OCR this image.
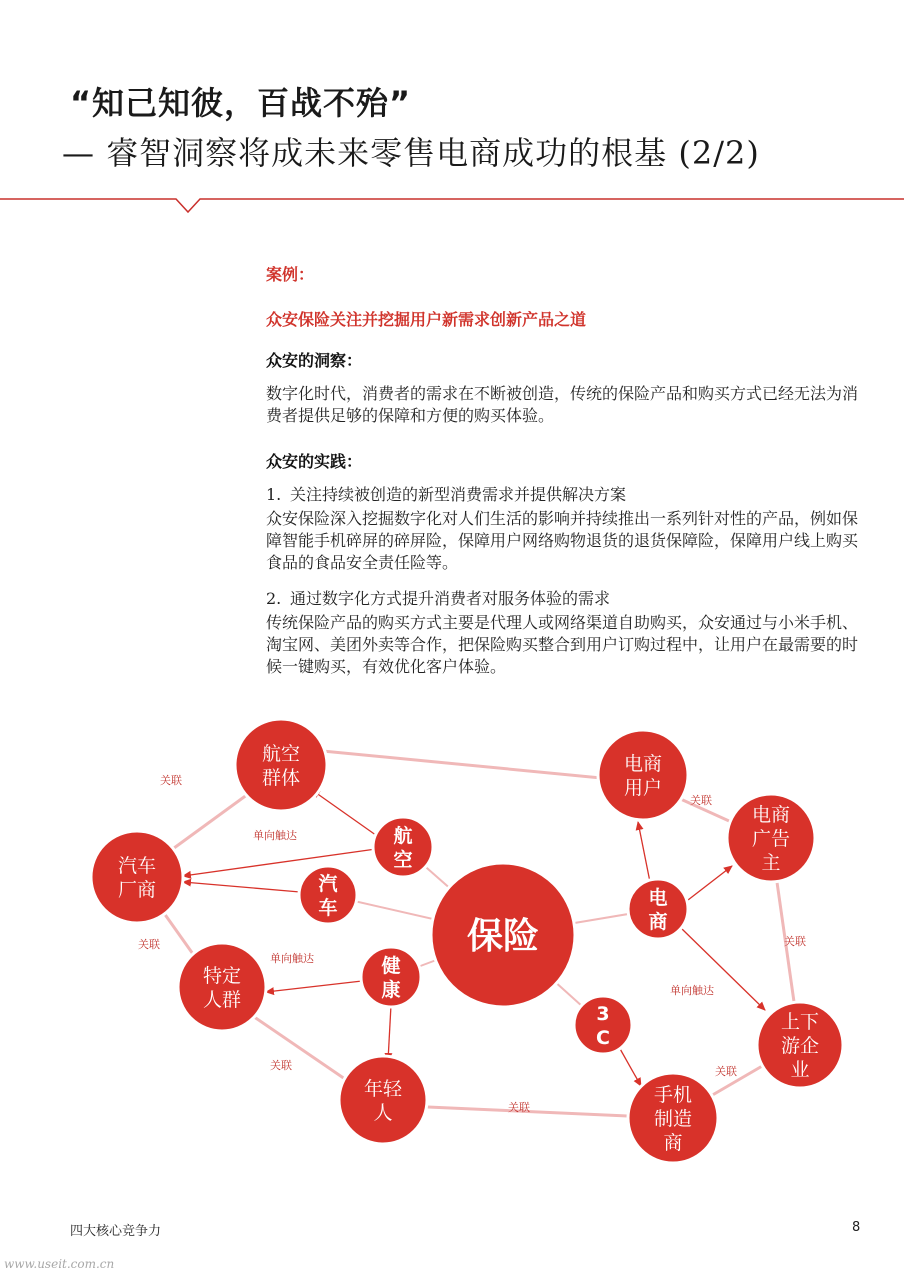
“知己知彼，百战不殆”
— 睿智洞察将成未来零售电商成功的根基 (2/2)
案例：
众安保险关注并挖掘用户新需求创新产品之道
众安的洞察：
数字化时代，消费者的需求在不断被创造，传统的保险产品和购买方式已经无法为消费者提供足够的保障和方便的购买体验。
众安的实践：
1. 关注持续被创造的新型消费需求并提供解决方案
众安保险深入挖掘数字化对人们生活的影响并持续推出一系列针对性的产品，例如保障智能手机碎屏的碎屏险，保障用户网络购物退货的退货保障险，保障用户线上购买食品的食品安全责任险等。
2. 通过数字化方式提升消费者对服务体验的需求
传统保险产品的购买方式主要是代理人或网络渠道自助购买，众安通过与小米手机、淘宝网、美团外卖等合作，把保险购买整合到用户订购过程中，让用户在最需要的时候一键购买，有效优化客户体验。
关联
单向触达
关联
单向触达
关联
关联
关联
单向触达
关联
关联
保险
航
空
汽
车
健
康
电
商
3
C
航空
群体
汽车
厂商
特定
人群
年轻
人
电商
用户
电商
广告
主
上下
游企
业
手机
制造
商
四大核心竞争力	8
www.useit.com.cn
